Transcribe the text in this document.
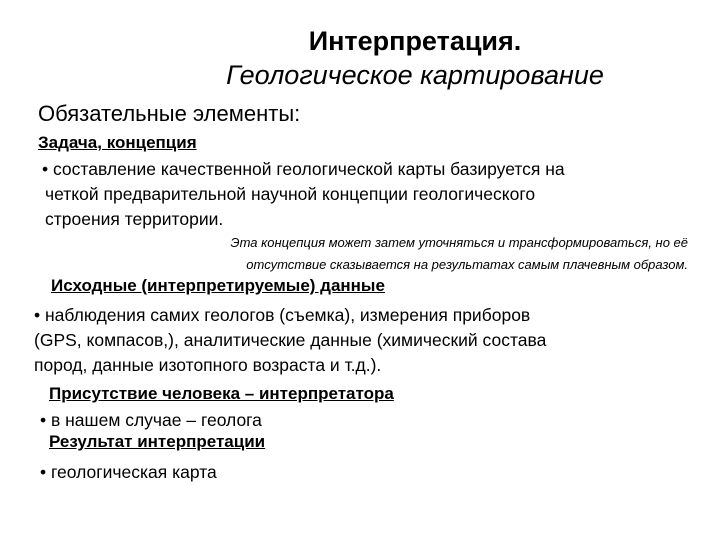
Интерпретация.
Геологическое картирование
Обязательные элементы:
Задача, концепция
• составление качественной геологической карты базируется на
четкой предварительной научной концепции геологического
строения территории.
Эта концепция может затем уточняться и трансформироваться, но её
отсутствие сказывается на результатах самым плачевным образом.
Исходные (интерпретируемые) данные
• наблюдения самих геологов (съемка), измерения приборов
(GPS, компасов,), аналитические данные (химический состава
пород, данные изотопного возраста и т.д.).
Присутствие человека – интерпретатора
• в нашем случае – геолога
Результат интерпретации
• геологическая карта
